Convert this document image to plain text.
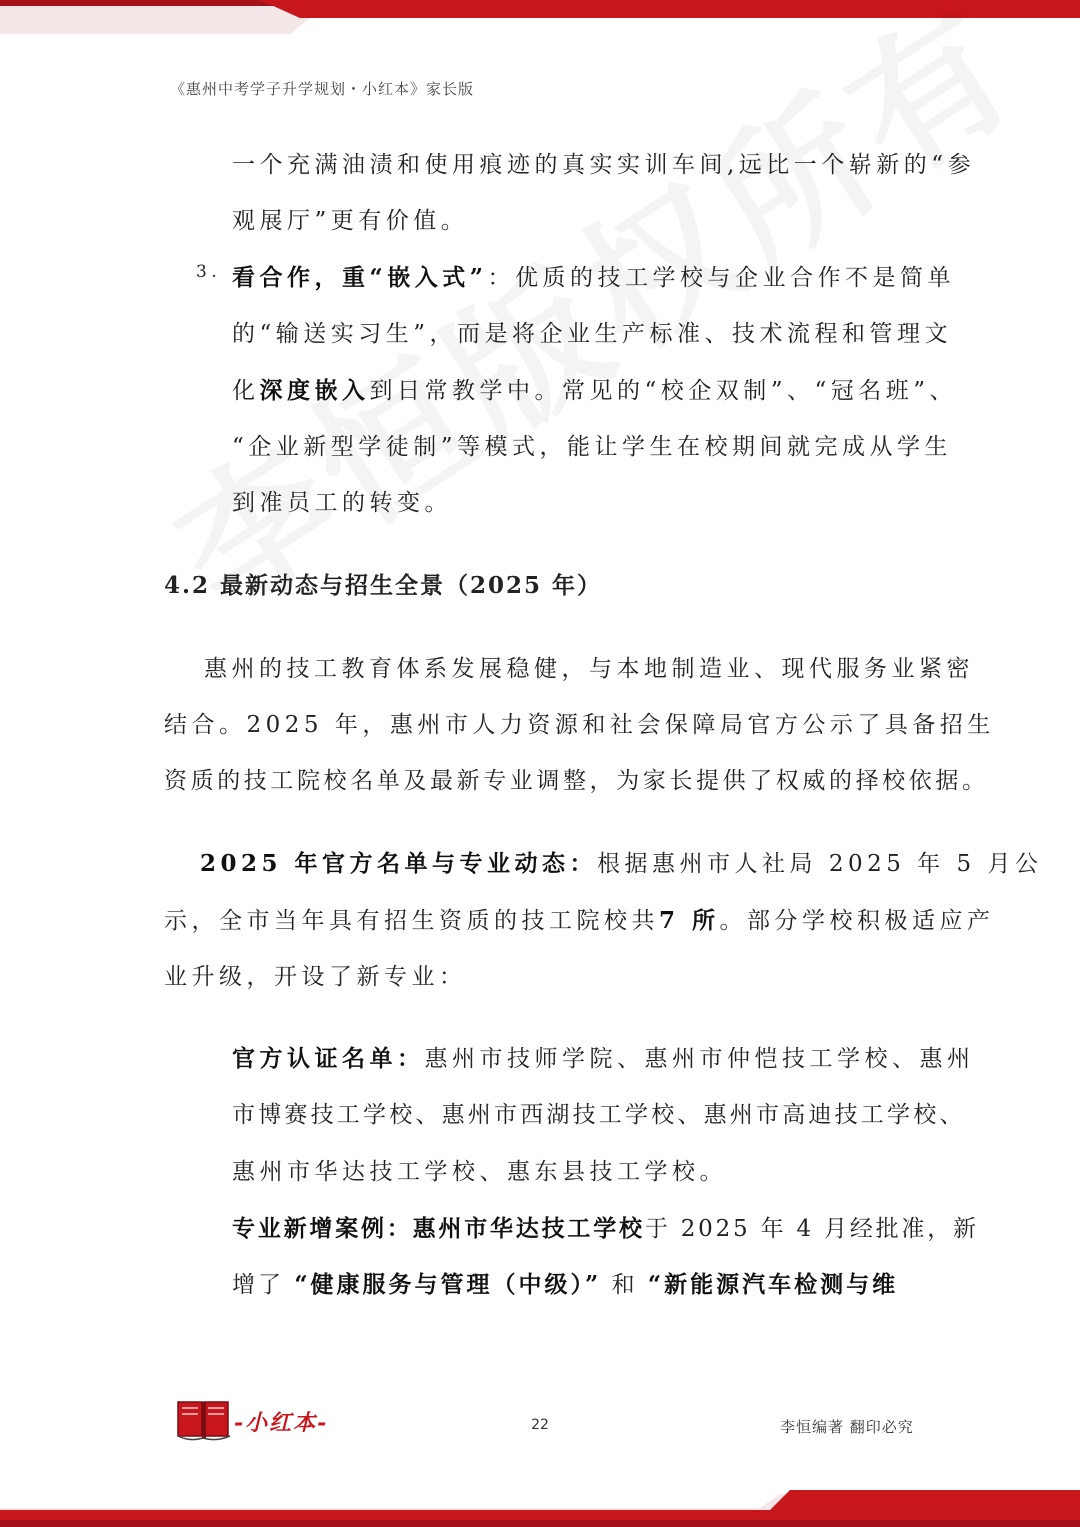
《惠州中考学子升学规划・小红本》家长版
一个充满油渍和使用痕迹的真实实训车间,远比一个崭新的“参
观展厅”更有价值。
3. 看合作，重“嵌入式”：优质的技工学校与企业合作不是简单
的“输送实习生”，而是将企业生产标准、技术流程和管理文
化深度嵌入到日常教学中。常见的“校企双制”、“冠名班”、
“企业新型学徒制”等模式，能让学生在校期间就完成从学生
到准员工的转变。
4.2 最新动态与招生全景（2025 年）
惠州的技工教育体系发展稳健，与本地制造业、现代服务业紧密
结合。2025 年，惠州市人力资源和社会保障局官方公示了具备招生
资质的技工院校名单及最新专业调整，为家长提供了权威的择校依据。
2025 年官方名单与专业动态：根据惠州市人社局 2025 年 5 月公
示，全市当年具有招生资质的技工院校共7 所。部分学校积极适应产
业升级，开设了新专业：
官方认证名单：惠州市技师学院、惠州市仲恺技工学校、惠州
市博赛技工学校、惠州市西湖技工学校、惠州市高迪技工学校、
惠州市华达技工学校、惠东县技工学校。
专业新增案例：惠州市华达技工学校于 2025 年 4 月经批准，新
增了 “健康服务与管理（中级）” 和 “新能源汽车检测与维
-小红本-	22	李恒编著 翻印必究
